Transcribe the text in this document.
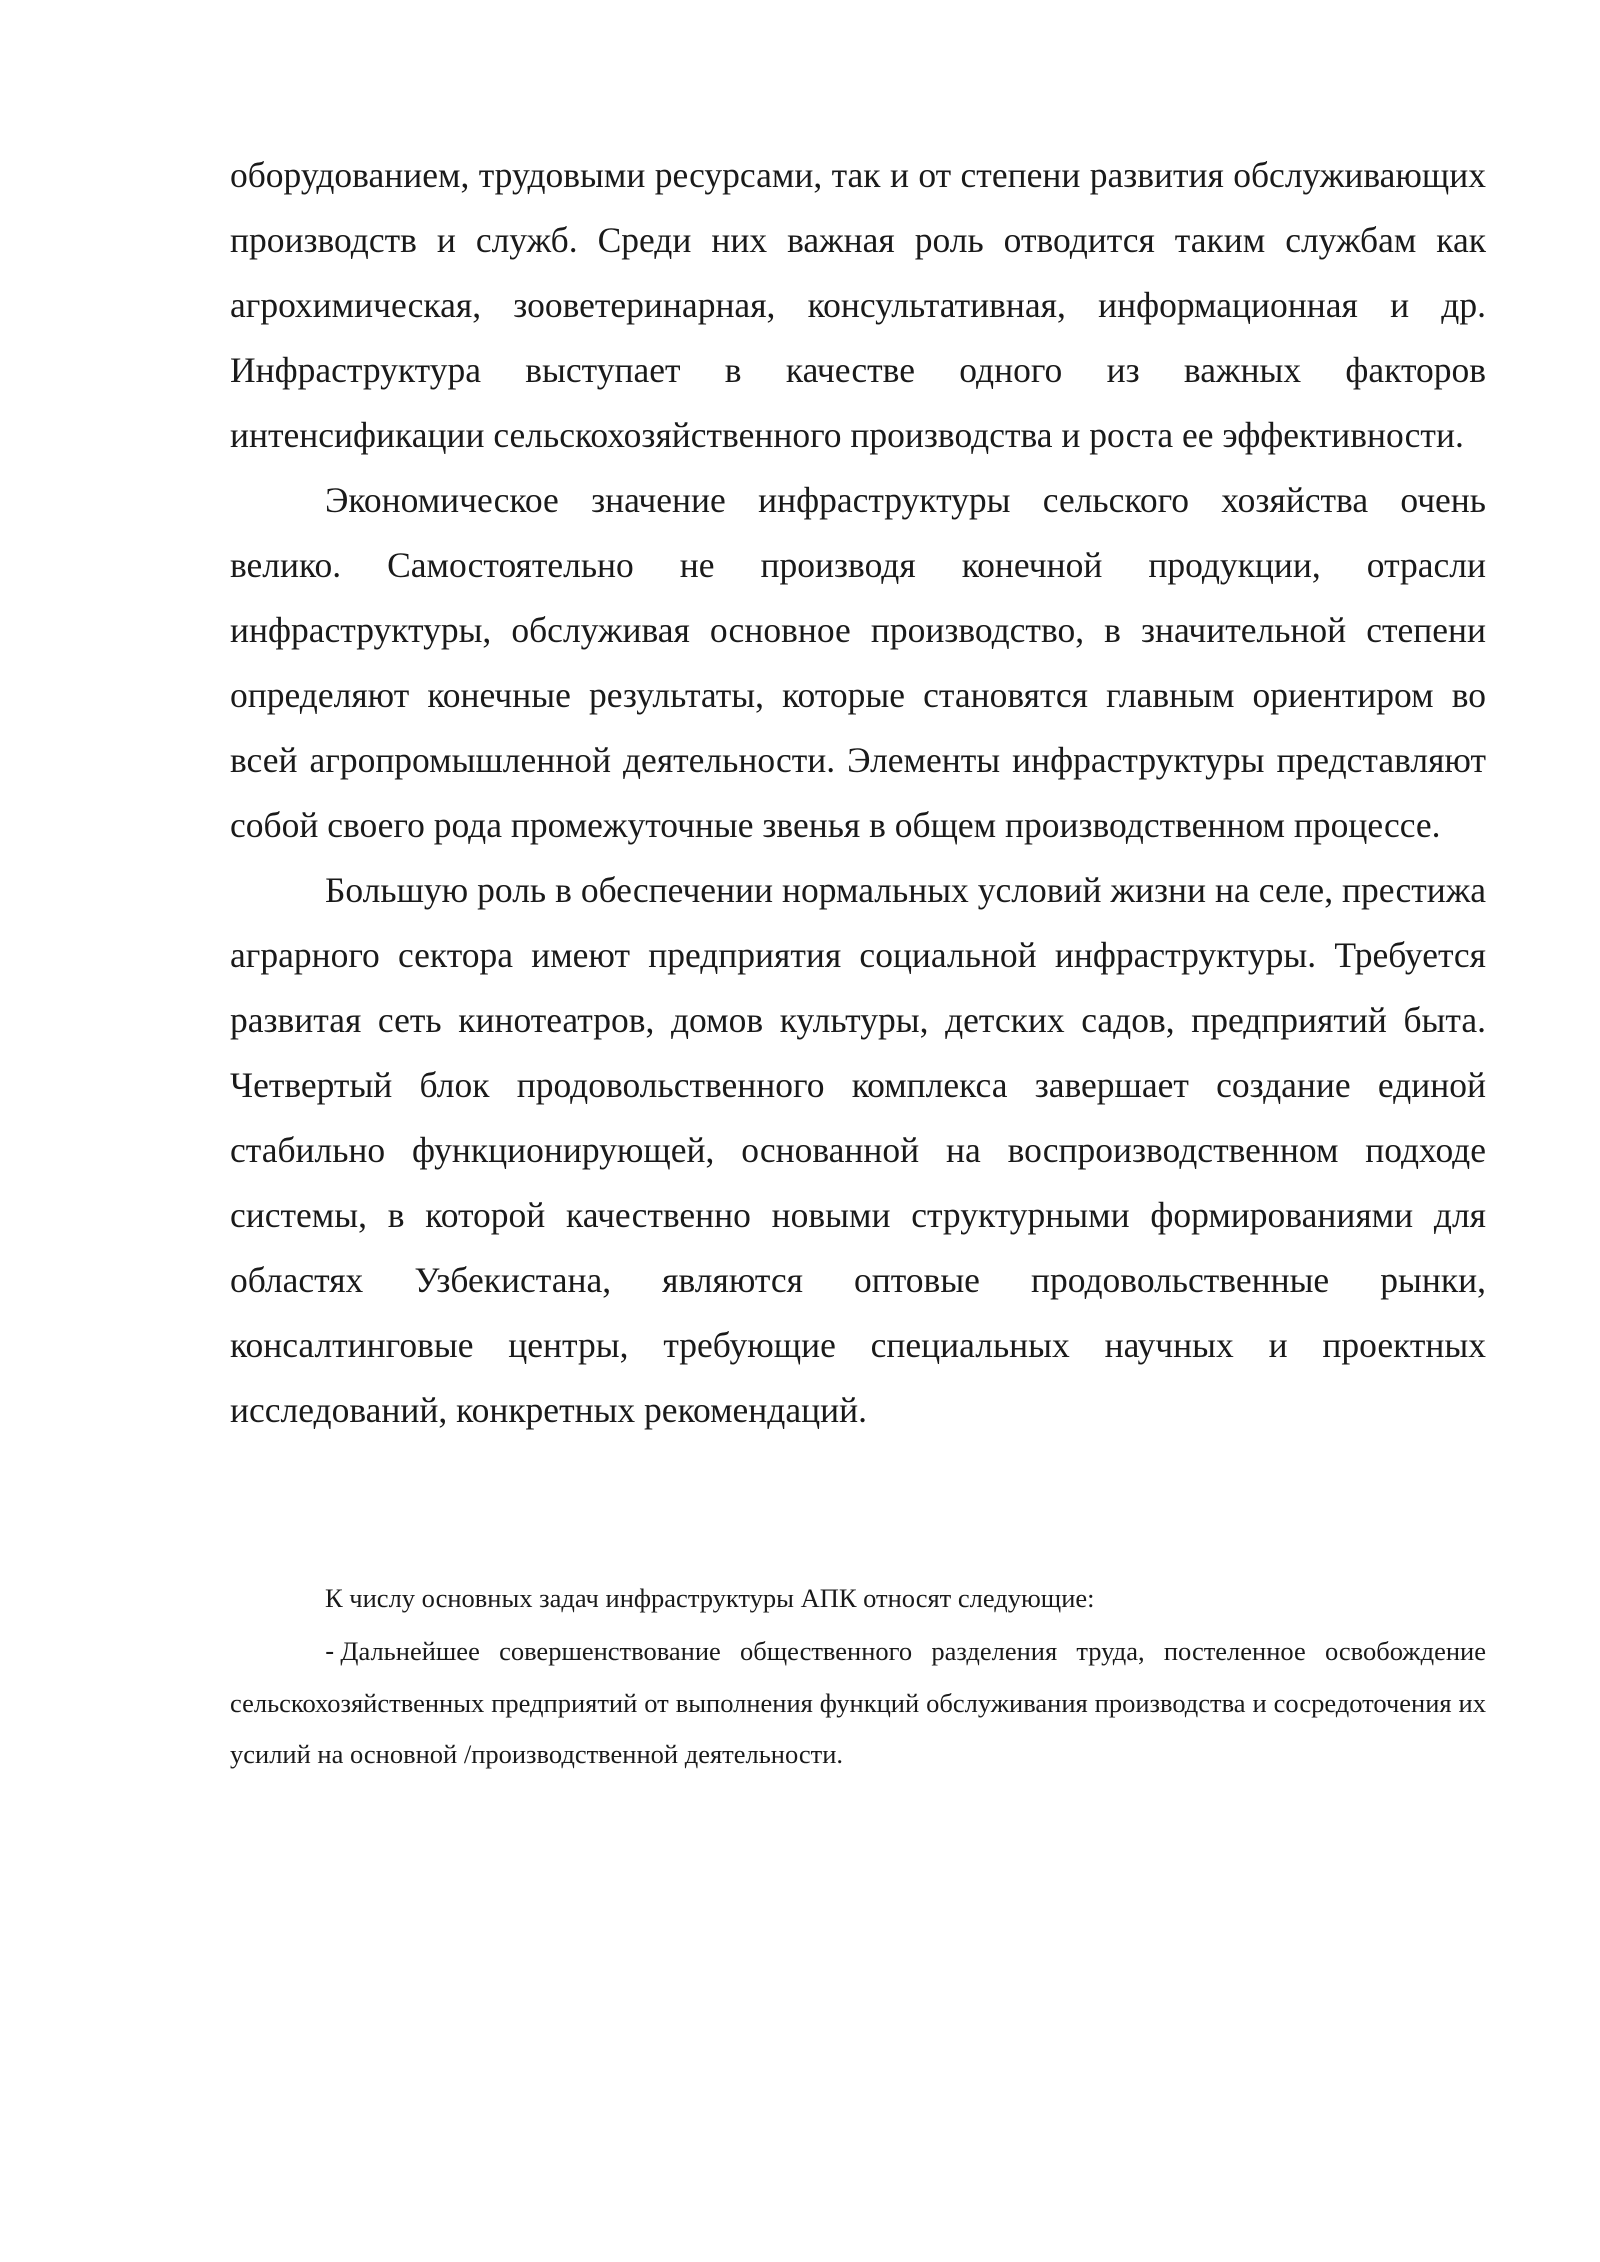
оборудованием, трудовыми ресурсами, так и от степени развития обслуживающих производств и служб. Среди них важная роль отводится таким службам как агрохимическая, зооветеринарная, консультативная, информационная и др. Инфраструктура выступает в качестве одного из важных факторов интенсификации сельскохозяйственного производства и роста ее эффективности.

Экономическое значение инфраструктуры сельского хозяйства очень велико. Самостоятельно не производя конечной продукции, отрасли инфраструктуры, обслуживая основное производство, в значительной степени определяют конечные результаты, которые становятся главным ориентиром во всей агропромышленной деятельности. Элементы инфраструктуры представляют собой своего рода промежуточные звенья в общем производственном процессе.

Большую роль в обеспечении нормальных условий жизни на селе, престижа аграрного сектора имеют предприятия социальной инфраструктуры. Требуется развитая сеть кинотеатров, домов культуры, детских садов, предприятий быта. Четвертый блок продовольственного комплекса завершает создание единой стабильно функционирующей, основанной на воспроизводственном подходе системы, в которой качественно новыми структурными формированиями для областях Узбекистана, являются оптовые продовольственные рынки, консалтинговые центры, требующие специальных научных и проектных исследований, конкретных рекомендаций.

К числу основных задач инфраструктуры АПК относят следующие:

- Дальнейшее совершенствование общественного разделения труда, постеленное освобождение сельскохозяйственных предприятий от выполнения функций обслуживания производства и сосредоточения их усилий на основной /производственной деятельности.
